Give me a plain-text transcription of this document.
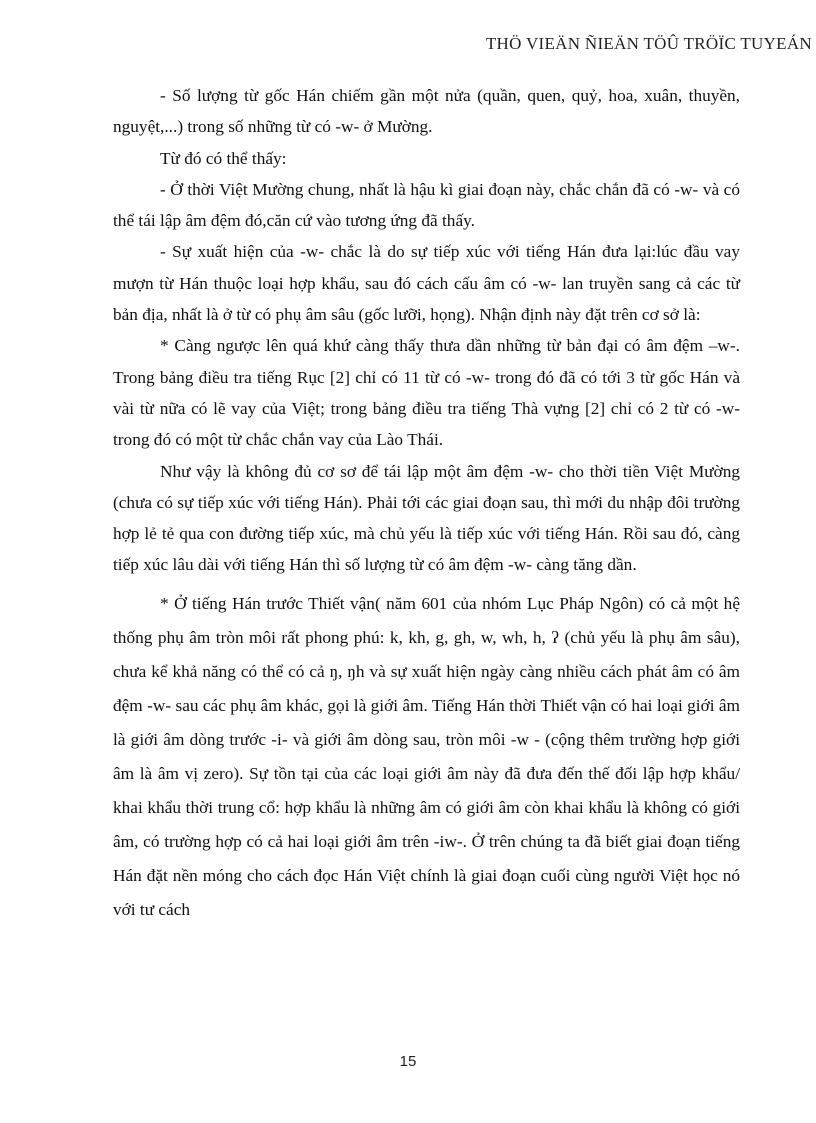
THÖ VIEÄN ÑIEÄN TÖÛ TRÖÏC TUYEÁN

- Số lượng từ gốc Hán chiếm gần một nửa (quần, quen, quỷ, hoa, xuân, thuyền, nguyệt,...) trong số những từ có -w- ở Mường.

Từ đó có thể thấy:

- Ở thời Việt Mường chung, nhất là hậu kì giai đoạn này, chắc chắn đã có -w- và có thể tái lập âm đệm đó,căn cứ vào tương ứng đã thấy.

- Sự xuất hiện của -w- chắc là do sự tiếp xúc với tiếng Hán đưa lại:lúc đầu vay mượn từ Hán thuộc loại hợp khẩu, sau đó cách cấu âm có -w- lan truyền sang cả các từ bản địa, nhất là ở từ có phụ âm sâu (gốc lưỡi, họng). Nhận định này đặt trên cơ sở là:

* Càng ngược lên quá khứ càng thấy thưa dần những từ bản đại có âm đệm –w-. Trong bảng điều tra tiếng Rục [2] chỉ có 11 từ có -w- trong đó đã có tới 3 từ gốc Hán và vài từ nữa có lẽ vay của Việt; trong bảng điều tra tiếng Thà vựng [2] chỉ có 2 từ có -w- trong đó có một từ chắc chắn vay của Lào Thái.

Như vậy là không đủ cơ sơ để tái lập một âm đệm -w- cho thời tiền Việt Mường (chưa có sự tiếp xúc với tiếng Hán). Phải tới các giai đoạn sau, thì mới du nhập đôi trường hợp lẻ tẻ qua con đường tiếp xúc, mà chủ yếu là tiếp xúc với tiếng Hán. Rồi sau đó, càng tiếp xúc lâu dài với tiếng Hán thì số lượng từ có âm đệm -w- càng tăng dần.

* Ở tiếng Hán trước Thiết vận( năm 601 của nhóm Lục Pháp Ngôn) có cả một hệ thống phụ âm tròn môi rất phong phú: k, kh, g, gh, w, wh, h, ʔ (chủ yếu là phụ âm sâu), chưa kể khả năng có thể có cả ŋ, ŋh và sự xuất hiện ngày càng nhiều cách phát âm có âm đệm -w- sau các phụ âm khác, gọi là giới âm. Tiếng Hán thời Thiết vận có hai loại giới âm là giới âm dòng trước -i- và giới âm dòng sau, tròn môi -w - (cộng thêm trường hợp giới âm là âm vị zero). Sự tồn tại của các loại giới âm này đã đưa đến thế đối lập hợp khẩu/ khai khẩu thời trung cổ: hợp khẩu là những âm có giới âm còn khai khẩu là không có giới âm, có trường hợp có cả hai loại giới âm trên -iw-. Ở trên chúng ta đã biết giai đoạn tiếng Hán đặt nền móng cho cách đọc Hán Việt chính là giai đoạn cuối cùng người Việt học nó với tư cách

15
